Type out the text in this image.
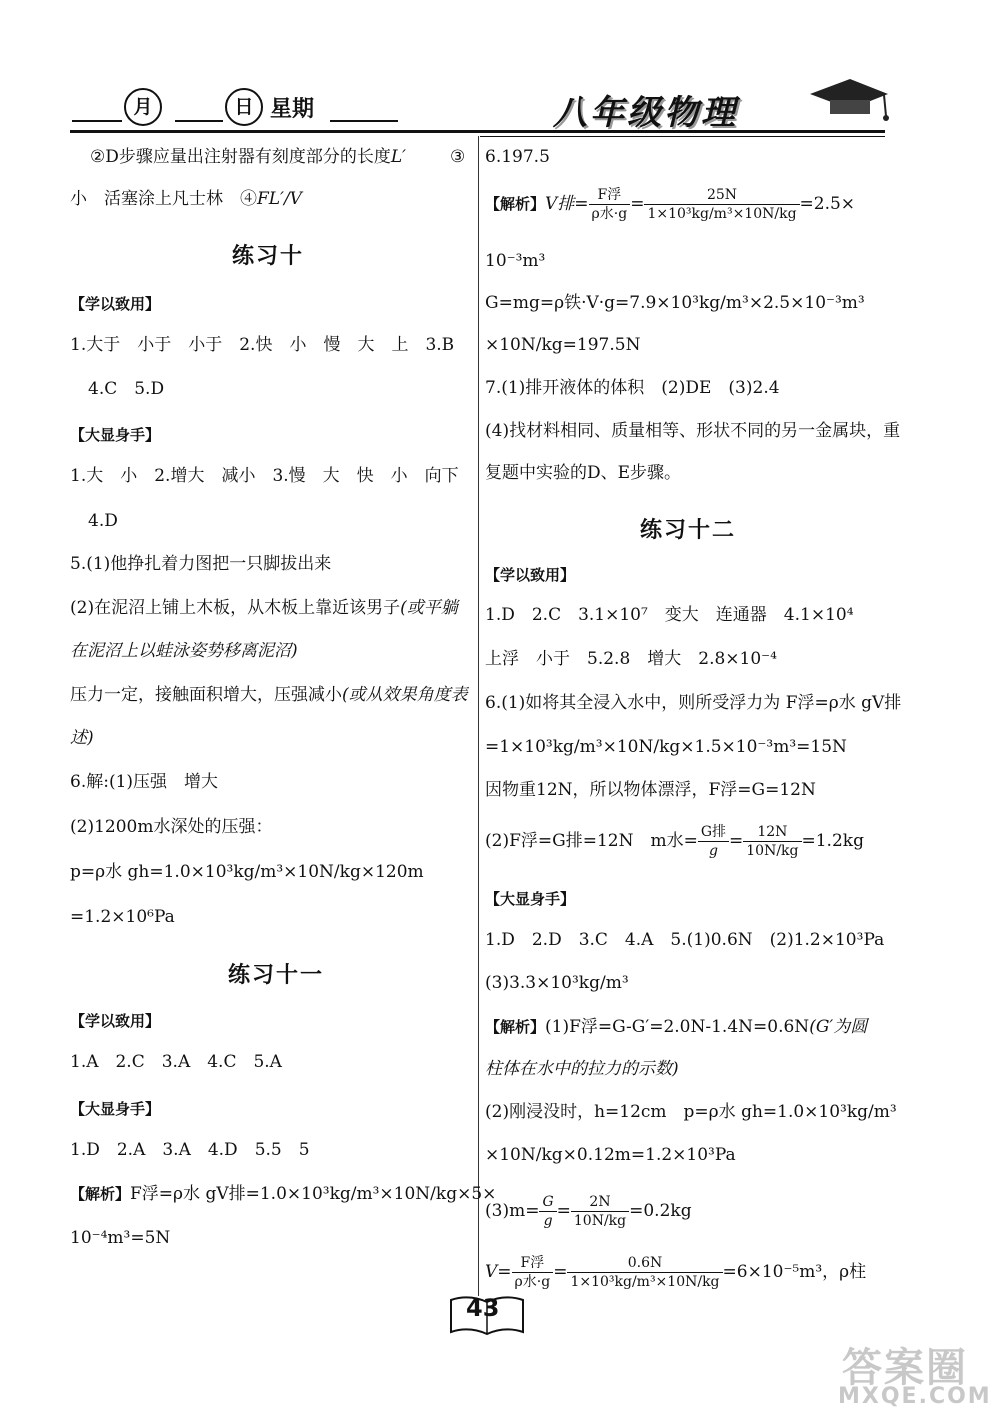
月	日 星期	八年级物理
②D步骤应量出注射器有刻度部分的长度L′	③
小　活塞涂上凡士林　④FL′/V
练习十
【学以致用】
1.大于　小于　小于　2.快　小　慢　大　上　3.B
4.C　5.D
【大显身手】
1.大　小　2.增大　减小　3.慢　大　快　小　向下
4.D
5.(1)他挣扎着力图把一只脚拔出来
(2)在泥沼上铺上木板，从木板上靠近该男子(或平躺
在泥沼上以蛙泳姿势移离泥沼)
压力一定，接触面积增大，压强减小(或从效果角度表
述)
6.解:(1)压强　增大
(2)1200m水深处的压强：
p=ρ水 gh=1.0×10³kg/m³×10N/kg×120m
=1.2×10⁶Pa
练习十一
【学以致用】
1.A　2.C　3.A　4.C　5.A
【大显身手】
1.D　2.A　3.A　4.D　5.5　5
【解析】F浮=ρ水 gV排=1.0×10³kg/m³×10N/kg×5×
10⁻⁴m³=5N
6.197.5
【解析】V排= $\frac{\text{F浮}}{\text{ρ水·g}} = \frac{25N}{\text{1×10³kg/m³×10N/kg}} =2.5\times$
10⁻³m³
G=mg=ρ铁·V·g=7.9×10³kg/m³×2.5×10⁻³m³
×10N/kg=197.5N
7.(1)排开液体的体积　(2)DE　(3)2.4
(4)找材料相同、质量相等、形状不同的另一金属块，重
复题中实验的D、E步骤。
练习十二
【学以致用】
1.D　2.C　3.1×10⁷　变大　连通器　4.1×10⁴
上浮　小于　5.2.8　增大　2.8×10⁻⁴
6.(1)如将其全浸入水中，则所受浮力为 F浮=ρ水 gV排
=1×10³kg/m³×10N/kg×1.5×10⁻³m³=15N
因物重12N，所以物体漂浮，F浮=G=12N
(2)F浮=G排=12N　m水= $\frac{\text{G排}}{g} = \frac{12N}{10N/kg} =1.2kg$
【大显身手】
1.D　2.D　3.C　4.A　5.(1)0.6N　(2)1.2×10³Pa
(3)3.3×10³kg/m³
【解析】(1)F浮=G-G′=2.0N-1.4N=0.6N(G′为圆
柱体在水中的拉力的示数)
(2)刚浸没时，h=12cm　p=ρ水 gh=1.0×10³kg/m³
×10N/kg×0.12m=1.2×10³Pa
$(3)m= \frac{G}{g} = \frac{2N}{10N/kg} =0.2kg$
$V= \frac{\text{F浮}}{\text{ρ水·g}} = \frac{0.6N}{\text{1×10³kg/m³×10N/kg}} =6\times 10^{-5}m^3$，ρ柱
43
答案圈
MXQE.COM
